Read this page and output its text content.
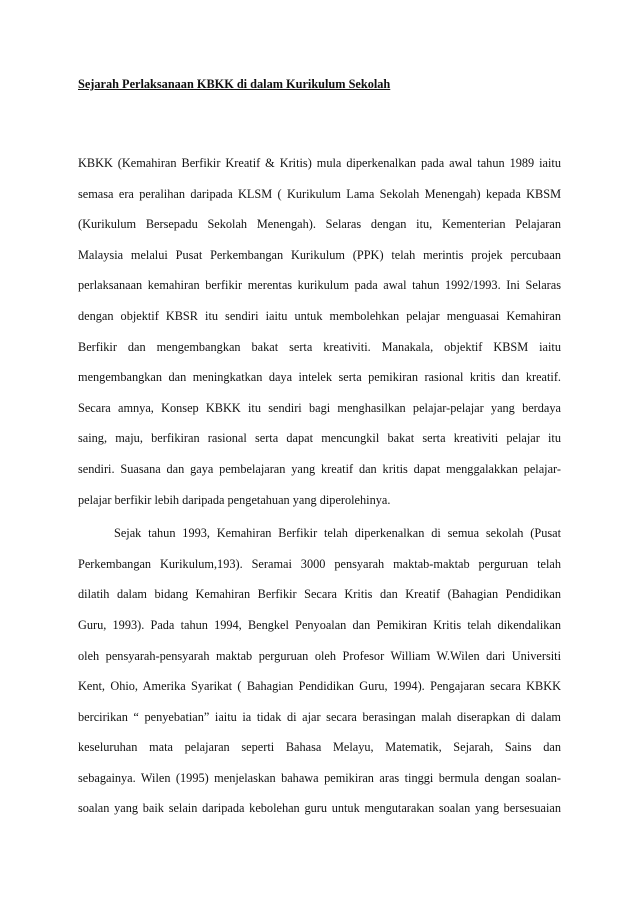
Sejarah Perlaksanaan KBKK di dalam Kurikulum Sekolah
KBKK (Kemahiran Berfikir Kreatif & Kritis) mula diperkenalkan pada awal tahun 1989 iaitu
semasa era peralihan daripada KLSM ( Kurikulum Lama Sekolah Menengah) kepada KBSM
(Kurikulum Bersepadu Sekolah Menengah). Selaras dengan itu, Kementerian Pelajaran
Malaysia melalui Pusat Perkembangan Kurikulum (PPK) telah merintis projek percubaan
perlaksanaan kemahiran berfikir merentas kurikulum pada awal tahun 1992/1993. Ini Selaras
dengan objektif KBSR itu sendiri iaitu untuk membolehkan pelajar menguasai Kemahiran
Berfikir dan mengembangkan bakat serta kreativiti. Manakala, objektif KBSM iaitu
mengembangkan dan meningkatkan daya intelek serta pemikiran rasional kritis dan kreatif.
Secara amnya, Konsep KBKK itu sendiri bagi menghasilkan pelajar-pelajar yang berdaya
saing, maju, berfikiran rasional serta dapat mencungkil bakat serta kreativiti pelajar itu
sendiri. Suasana dan gaya pembelajaran yang kreatif dan kritis dapat menggalakkan pelajar-
pelajar berfikir lebih daripada pengetahuan yang diperolehinya.
Sejak tahun 1993, Kemahiran Berfikir telah diperkenalkan di semua sekolah (Pusat
Perkembangan Kurikulum,193). Seramai 3000 pensyarah maktab-maktab perguruan telah
dilatih dalam bidang Kemahiran Berfikir Secara Kritis dan Kreatif (Bahagian Pendidikan
Guru, 1993). Pada tahun 1994, Bengkel Penyoalan dan Pemikiran Kritis telah dikendalikan
oleh pensyarah-pensyarah maktab perguruan oleh Profesor William W.Wilen dari Universiti
Kent, Ohio, Amerika Syarikat ( Bahagian Pendidikan Guru, 1994). Pengajaran secara KBKK
bercirikan “ penyebatian” iaitu ia tidak di ajar secara berasingan malah diserapkan di dalam
keseluruhan mata pelajaran seperti Bahasa Melayu, Matematik, Sejarah, Sains dan
sebagainya. Wilen (1995) menjelaskan bahawa pemikiran aras tinggi bermula dengan soalan-
soalan yang baik selain daripada kebolehan guru untuk mengutarakan soalan yang bersesuaian
